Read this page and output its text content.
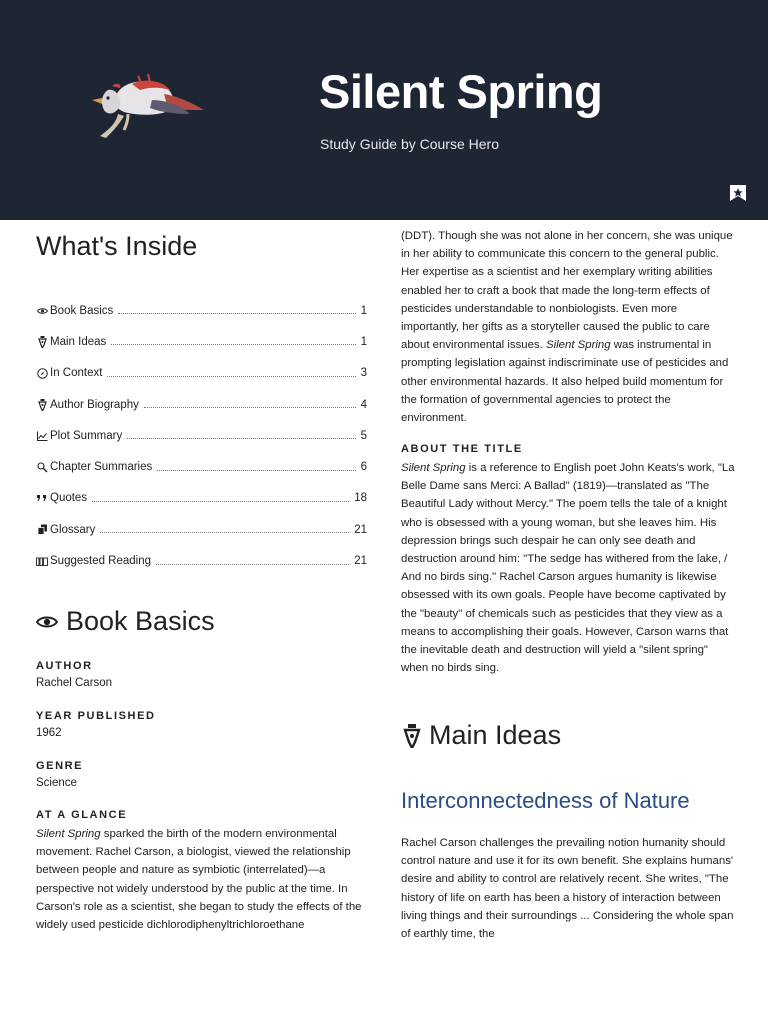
Silent Spring
Study Guide by Course Hero
What's Inside
Book Basics	1
Main Ideas	1
In Context	3
Author Biography	4
Plot Summary	5
Chapter Summaries	6
Quotes	18
Glossary	21
Suggested Reading	21
Book Basics
AUTHOR
Rachel Carson
YEAR PUBLISHED
1962
GENRE
Science
AT A GLANCE

Silent Spring sparked the birth of the modern environmental movement. Rachel Carson, a biologist, viewed the relationship between people and nature as symbiotic (interrelated)—a perspective not widely understood by the public at the time. In Carson's role as a scientist, she began to study the effects of the widely used pesticide dichlorodiphenyltrichloroethane

(DDT). Though she was not alone in her concern, she was unique in her ability to communicate this concern to the general public. Her expertise as a scientist and her exemplary writing abilities enabled her to craft a book that made the long-term effects of pesticides understandable to nonbiologists. Even more importantly, her gifts as a storyteller caused the public to care about environmental issues. Silent Spring was instrumental in prompting legislation against indiscriminate use of pesticides and other environmental hazards. It also helped build momentum for the formation of governmental agencies to protect the environment.

ABOUT THE TITLE

Silent Spring is a reference to English poet John Keats's work, "La Belle Dame sans Merci: A Ballad" (1819)—translated as "The Beautiful Lady without Mercy." The poem tells the tale of a knight who is obsessed with a young woman, but she leaves him. His depression brings such despair he can only see death and destruction around him: "The sedge has withered from the lake, / And no birds sing." Rachel Carson argues humanity is likewise obsessed with its own goals. People have become captivated by the "beauty" of chemicals such as pesticides that they view as a means to accomplishing their goals. However, Carson warns that the inevitable death and destruction will yield a "silent spring" when no birds sing.

Main Ideas
Interconnectedness of Nature

Rachel Carson challenges the prevailing notion humanity should control nature and use it for its own benefit. She explains humans' desire and ability to control are relatively recent. She writes, "The history of life on earth has been a history of interaction between living things and their surroundings ... Considering the whole span of earthly time, the
